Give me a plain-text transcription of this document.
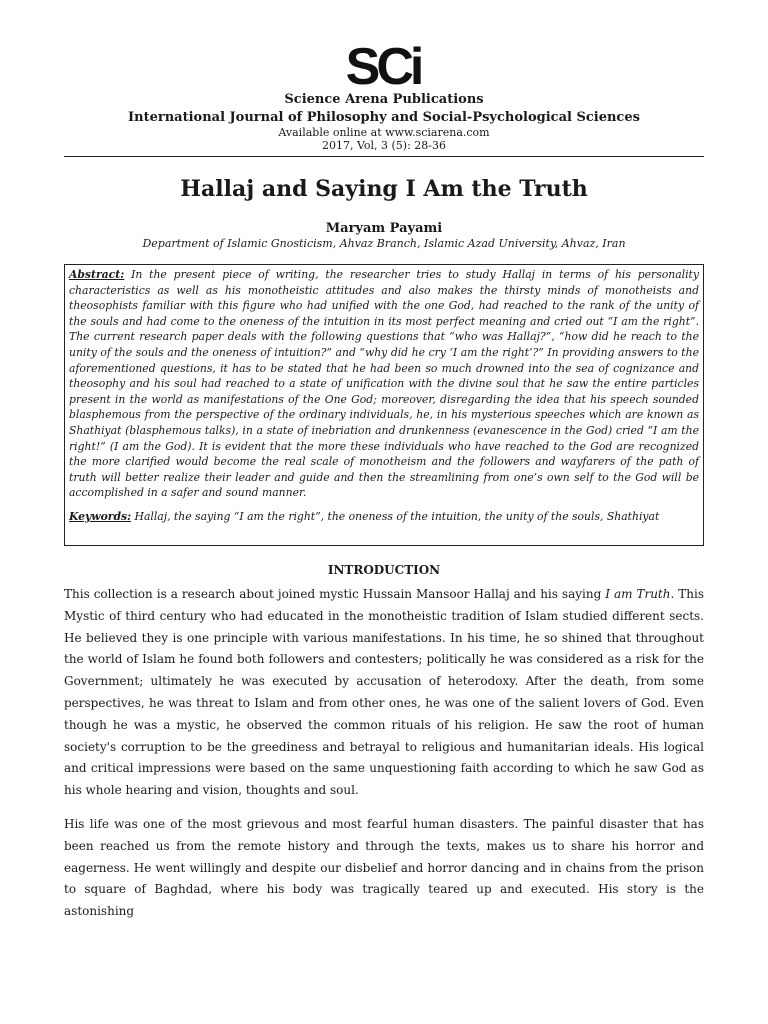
SCi
Science Arena Publications
International Journal of Philosophy and Social-Psychological Sciences
Available online at www.sciarena.com
2017, Vol, 3 (5): 28-36
Hallaj and Saying I Am the Truth
Maryam Payami
Department of Islamic Gnosticism, Ahvaz Branch, Islamic Azad University, Ahvaz, Iran
Abstract: In the present piece of writing, the researcher tries to study Hallaj in terms of his personality characteristics as well as his monotheistic attitudes and also makes the thirsty minds of monotheists and theosophists familiar with this figure who had unified with the one God, had reached to the rank of the unity of the souls and had come to the oneness of the intuition in its most perfect meaning and cried out “I am the right”. The current research paper deals with the following questions that “who was Hallaj?”, “how did he reach to the unity of the souls and the oneness of intuition?” and “why did he cry ‘I am the right’?” In providing answers to the aforementioned questions, it has to be stated that he had been so much drowned into the sea of cognizance and theosophy and his soul had reached to a state of unification with the divine soul that he saw the entire particles present in the world as manifestations of the One God; moreover, disregarding the idea that his speech sounded blasphemous from the perspective of the ordinary individuals, he, in his mysterious speeches which are known as Shathiyat (blasphemous talks), in a state of inebriation and drunkenness (evanescence in the God) cried “I am the right!” (I am the God). It is evident that the more these individuals who have reached to the God are recognized the more clarified would become the real scale of monotheism and the followers and wayfarers of the path of truth will better realize their leader and guide and then the streamlining from one’s own self to the God will be accomplished in a safer and sound manner.
Keywords: Hallaj, the saying “I am the right”, the oneness of the intuition, the unity of the souls, Shathiyat
INTRODUCTION
This collection is a research about joined mystic Hussain Mansoor Hallaj and his saying I am Truth. This Mystic of third century who had educated in the monotheistic tradition of Islam studied different sects. He believed they is one principle with various manifestations. In his time, he so shined that throughout the world of Islam he found both followers and contesters; politically he was considered as a risk for the Government; ultimately he was executed by accusation of heterodoxy. After the death, from some perspectives, he was threat to Islam and from other ones, he was one of the salient lovers of God. Even though he was a mystic, he observed the common rituals of his religion. He saw the root of human society's corruption to be the greediness and betrayal to religious and humanitarian ideals. His logical and critical impressions were based on the same unquestioning faith according to which he saw God as his whole hearing and vision, thoughts and soul.
His life was one of the most grievous and most fearful human disasters. The painful disaster that has been reached us from the remote history and through the texts, makes us to share his horror and eagerness. He went willingly and despite our disbelief and horror dancing and in chains from the prison to square of Baghdad, where his body was tragically teared up and executed. His story is the astonishing
